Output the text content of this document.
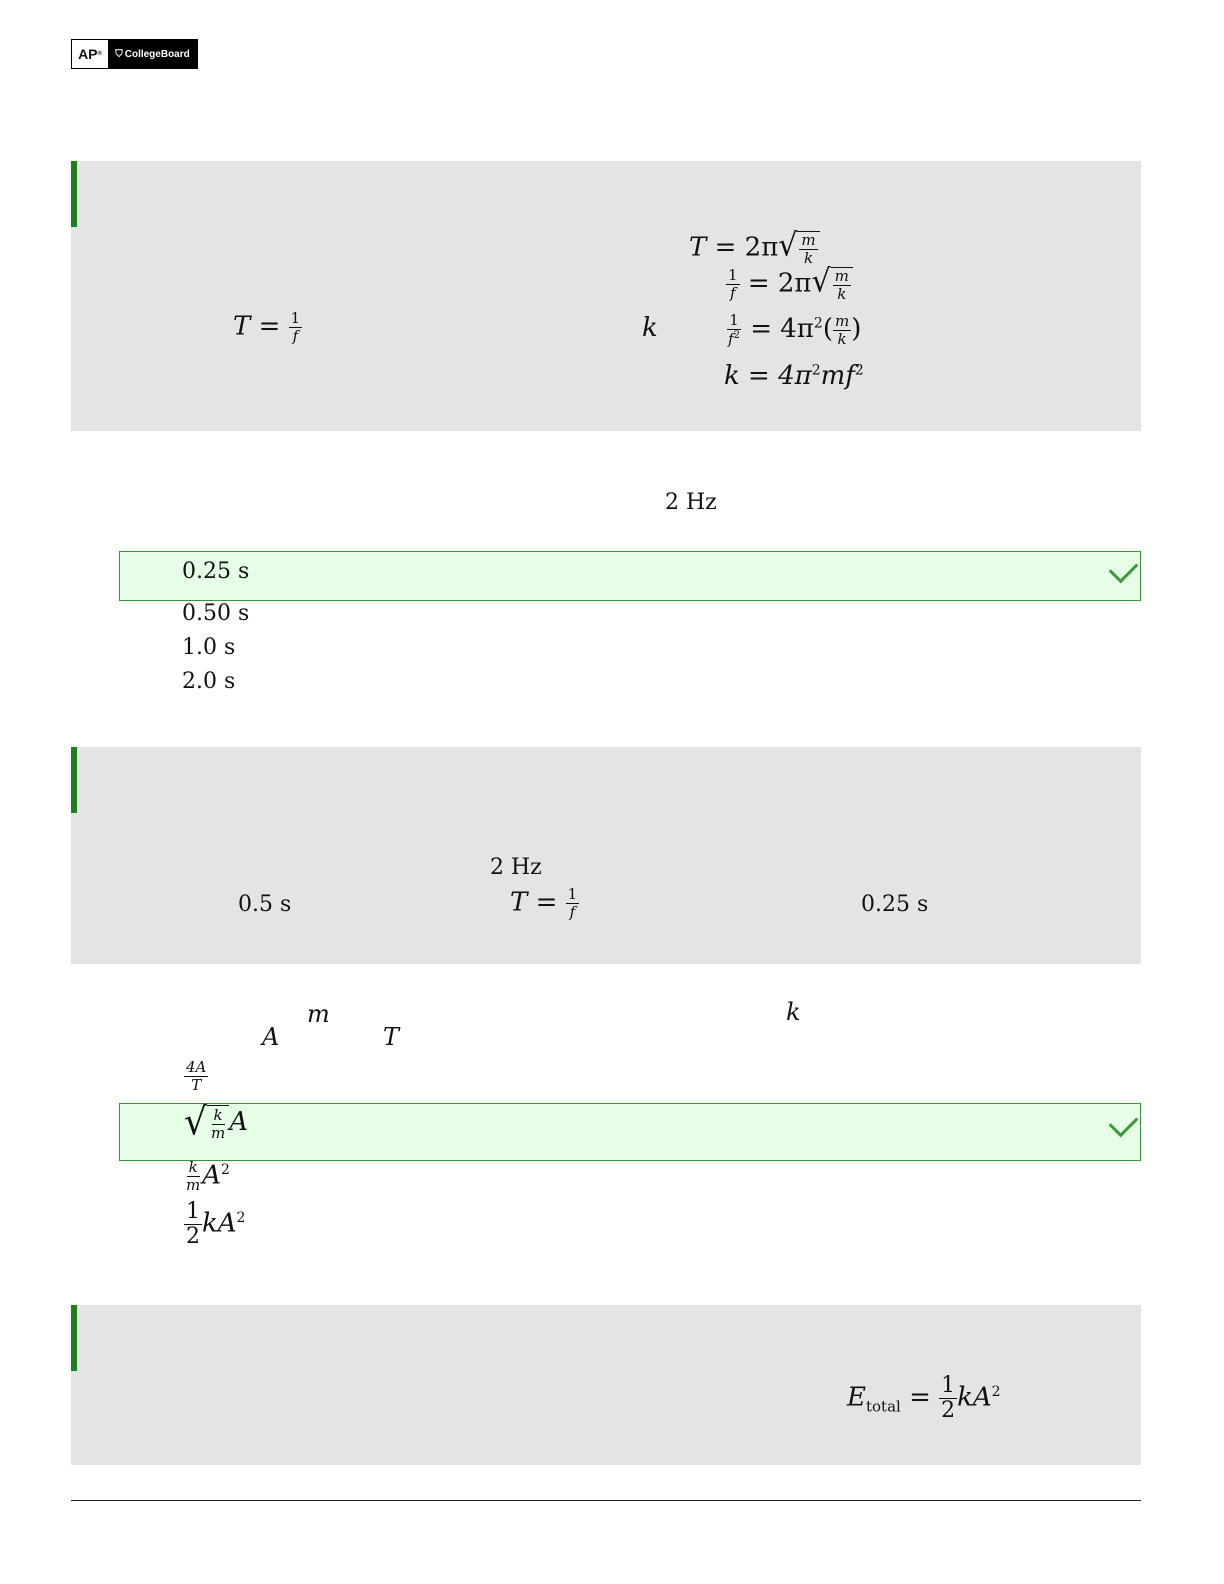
AP ® ⛉ CollegeBoard
$T = \frac{1}{f}$	k
T = 2π √ $\frac{m}{k}$
$\frac{1}{f} = 2\pi$ √ $\frac{m}{k}$
$\frac{1}{f^2} = 4\pi^2( \frac{m}{k}$ )
$k = 4\pi^2mf^2$
2 Hz
0.25 s
0.50 s
1.0 s
2.0 s
2 Hz
0.5 s	$T = \frac{1}{f}$	0.25 s
m	k
A	T
$\frac{4A}{T}$
√ $\frac{k}{m}$ A
$\frac{k}{m} A^2$
$\frac{1}{2} kA^2$
$E_{total} = \frac{1}{2} kA^2$
